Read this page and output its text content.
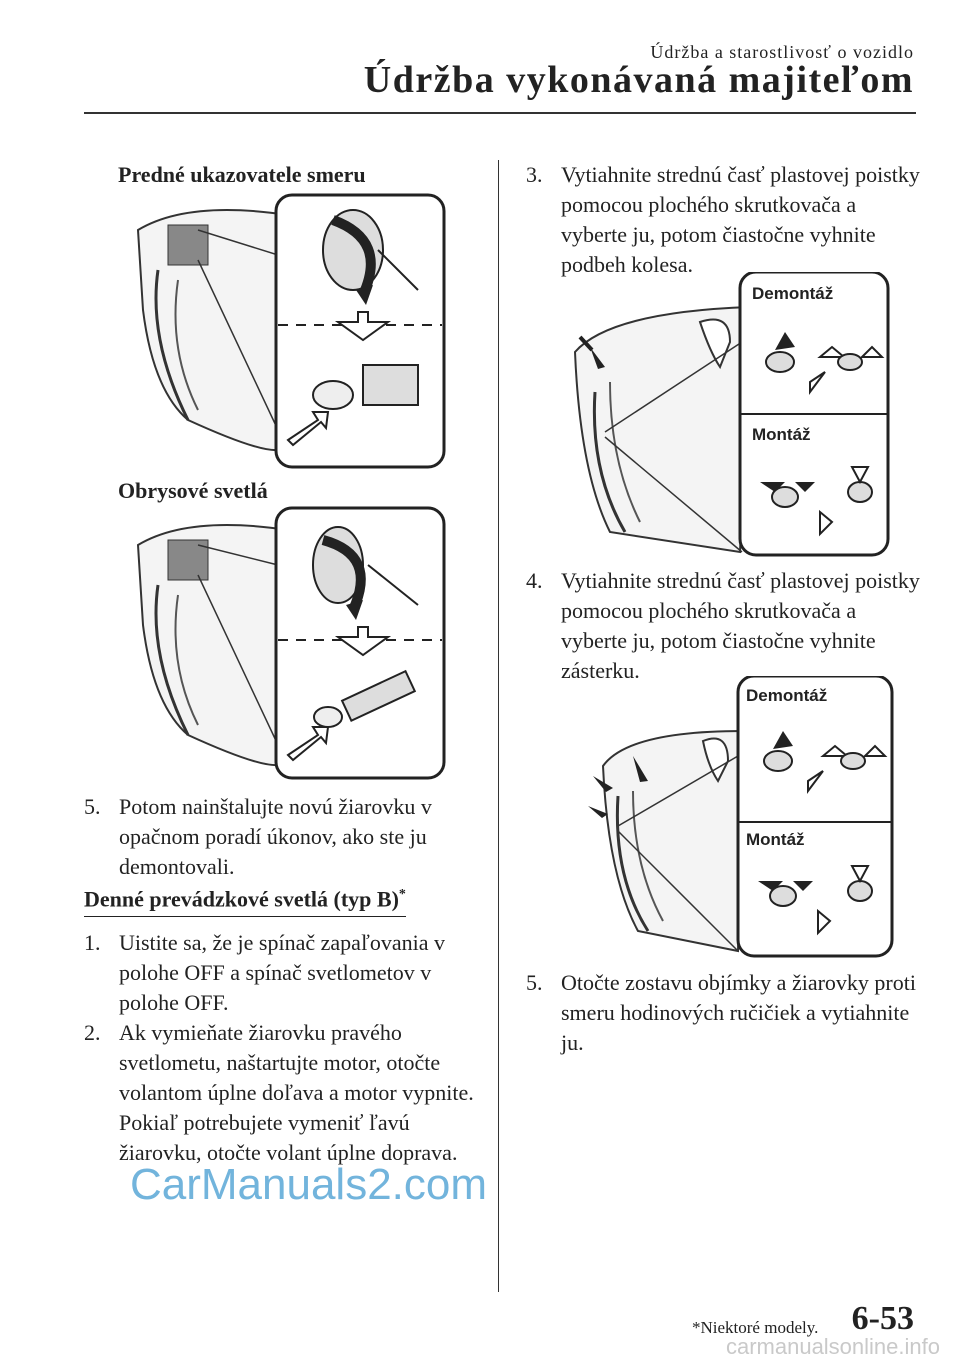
Údržba a starostlivosť o vozidlo
Údržba vykonávaná majiteľom
Predné ukazovatele smeru
Obrysové svetlá
5. Potom nainštalujte novú žiarovku v opačnom poradí úkonov, ako ste ju demontovali.
Denné prevádzkové svetlá (typ B)*
1. Uistite sa, že je spínač zapaľovania v polohe OFF a spínač svetlometov v polohe OFF.
2. Ak vymieňate žiarovku pravého svetlometu, naštartujte motor, otočte volantom úplne doľava a motor vypnite. Pokiaľ potrebujete vymeniť ľavú žiarovku, otočte volant úplne doprava.
3. Vytiahnite strednú časť plastovej poistky pomocou plochého skrutkovača a vyberte ju, potom čiastočne vyhnite podbeh kolesa.
Demontáž
Montáž
4. Vytiahnite strednú časť plastovej poistky pomocou plochého skrutkovača a vyberte ju, potom čiastočne vyhnite zásterku.
Demontáž
Montáž
5. Otočte zostavu objímky a žiarovky proti smeru hodinových ručičiek a vytiahnite ju.
CarManuals2.com
*Niektoré modely. 6-53
carmanualsonline.info
